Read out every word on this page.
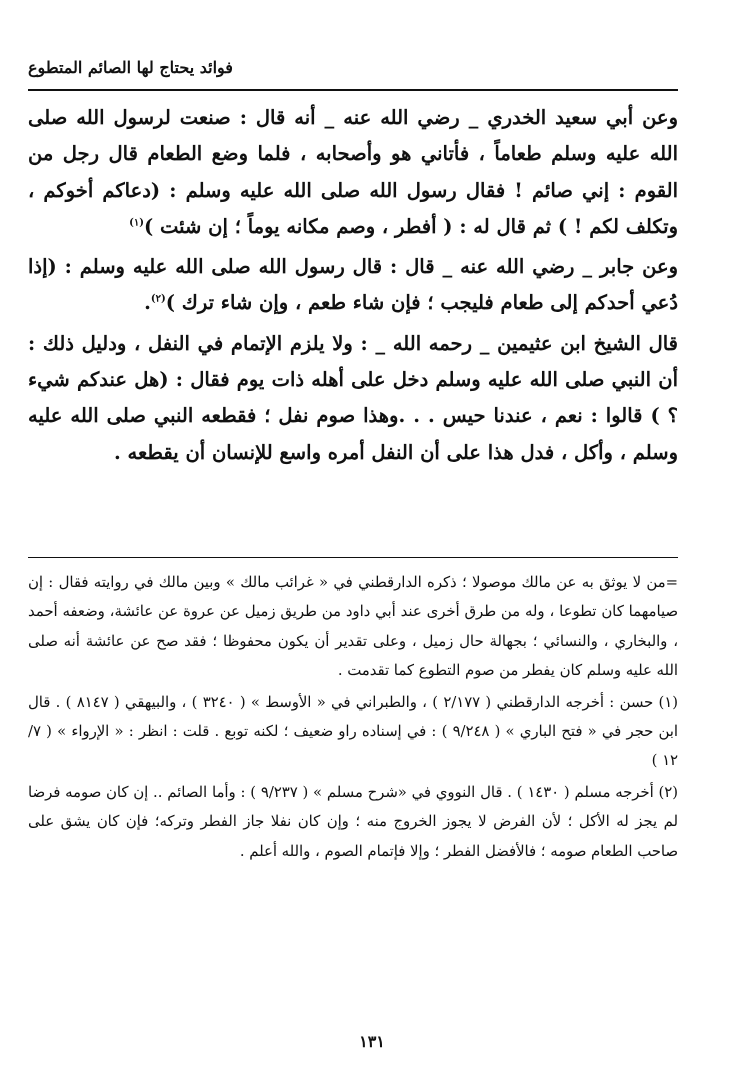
فوائد يحتاج لها الصائم المتطوع

وعن أبي سعيد الخدري _ رضي الله عنه _ أنه قال : صنعت لرسول الله صلى الله عليه وسلم طعاماً ، فأتاني هو وأصحابه ، فلما وضع الطعام قال رجل من القوم : إني صائم ! فقال رسول الله صلى الله عليه وسلم : (دعاكم أخوكم ، وتكلف لكم ! ) ثم قال له : ( أفطر ، وصم مكانه يوماً ؛ إن شئت )$^{(١)}$

وعن جابر _ رضي الله عنه _ قال : قال رسول الله صلى الله عليه وسلم : (إذا دُعي أحدكم إلى طعام فليجب ؛ فإن شاء طعم ، وإن شاء ترك )$^{(٢)}$.

قال الشيخ ابن عثيمين _ رحمه الله _ : ولا يلزم الإتمام في النفل ، ودليل ذلك : أن النبي صلى الله عليه وسلم دخل على أهله ذات يوم فقال : (هل عندكم شيء ؟ ) قالوا : نعم ، عندنا حيس . . .وهذا صوم نفل ؛ فقطعه النبي صلى الله عليه وسلم ، وأكل ، فدل هذا على أن النفل أمره واسع للإنسان أن يقطعه .

=من لا يوثق به عن مالك موصولا ؛ ذكره الدارقطني في « غرائب مالك » وبين مالك في روايته فقال : إن صيامهما كان تطوعا ، وله من طرق أخرى عند أبي داود من طريق زميل عن عروة عن عائشة، وضعفه أحمد ، والبخاري ، والنسائي ؛ بجهالة حال زميل ، وعلى تقدير أن يكون محفوظا ؛ فقد صح عن عائشة أنه صلى الله عليه وسلم كان يفطر من صوم التطوع كما تقدمت .

(١) حسن : أخرجه الدارقطني ( ٢/١٧٧ ) ، والطبراني في « الأوسط » ( ٣٢٤٠ ) ، والبيهقي ( ٨١٤٧ ) . قال ابن حجر في « فتح الباري » ( ٩/٢٤٨ ) : في إسناده راو ضعيف ؛ لكنه توبع . قلت : انظر : « الإرواء » ( ٧/ ١٢ )

(٢) أخرجه مسلم ( ١٤٣٠ ) . قال النووي في «شرح مسلم » ( ٩/٢٣٧ ) : وأما الصائم .. إن كان صومه فرضا لم يجز له الأكل ؛ لأن الفرض لا يجوز الخروج منه ؛ وإن كان نفلا جاز الفطر وتركه؛ فإن كان يشق على صاحب الطعام صومه ؛ فالأفضل الفطر ؛ وإلا فإتمام الصوم ، والله أعلم .

١٣١
